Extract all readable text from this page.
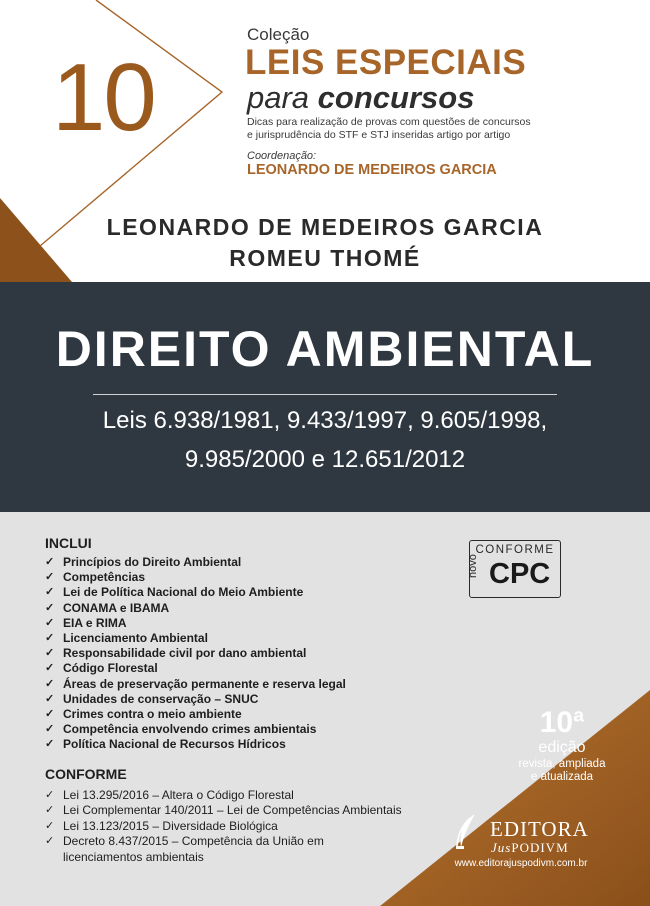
10
Coleção
LEIS ESPECIAIS
para concursos
Dicas para realização de provas com questões de concursos
e jurisprudência do STF e STJ inseridas artigo por artigo
Coordenação:
LEONARDO DE MEDEIROS GARCIA
LEONARDO DE MEDEIROS GARCIA
ROMEU THOMÉ
DIREITO AMBIENTAL
Leis 6.938/1981, 9.433/1997, 9.605/1998,
9.985/2000 e 12.651/2012
INCLUI
✓ Princípios do Direito Ambiental
✓ Competências
✓ Lei de Política Nacional do Meio Ambiente
✓ CONAMA e IBAMA
✓ EIA e RIMA
✓ Licenciamento Ambiental
✓ Responsabilidade civil por dano ambiental
✓ Código Florestal
✓ Áreas de preservação permanente e reserva legal
✓ Unidades de conservação – SNUC
✓ Crimes contra o meio ambiente
✓ Competência envolvendo crimes ambientais
✓ Política Nacional de Recursos Hídricos
CONFORME
✓ Lei 13.295/2016 – Altera o Código Florestal
✓ Lei Complementar 140/2011 – Lei de Competências Ambientais
✓ Lei 13.123/2015 – Diversidade Biológica
✓ Decreto 8.437/2015 – Competência da União em
licenciamentos ambientais
CONFORME
novo CPC
10ª
edição
revista, ampliada
e atualizada
EDITORA
JusPODIVM
www.editorajuspodivm.com.br
